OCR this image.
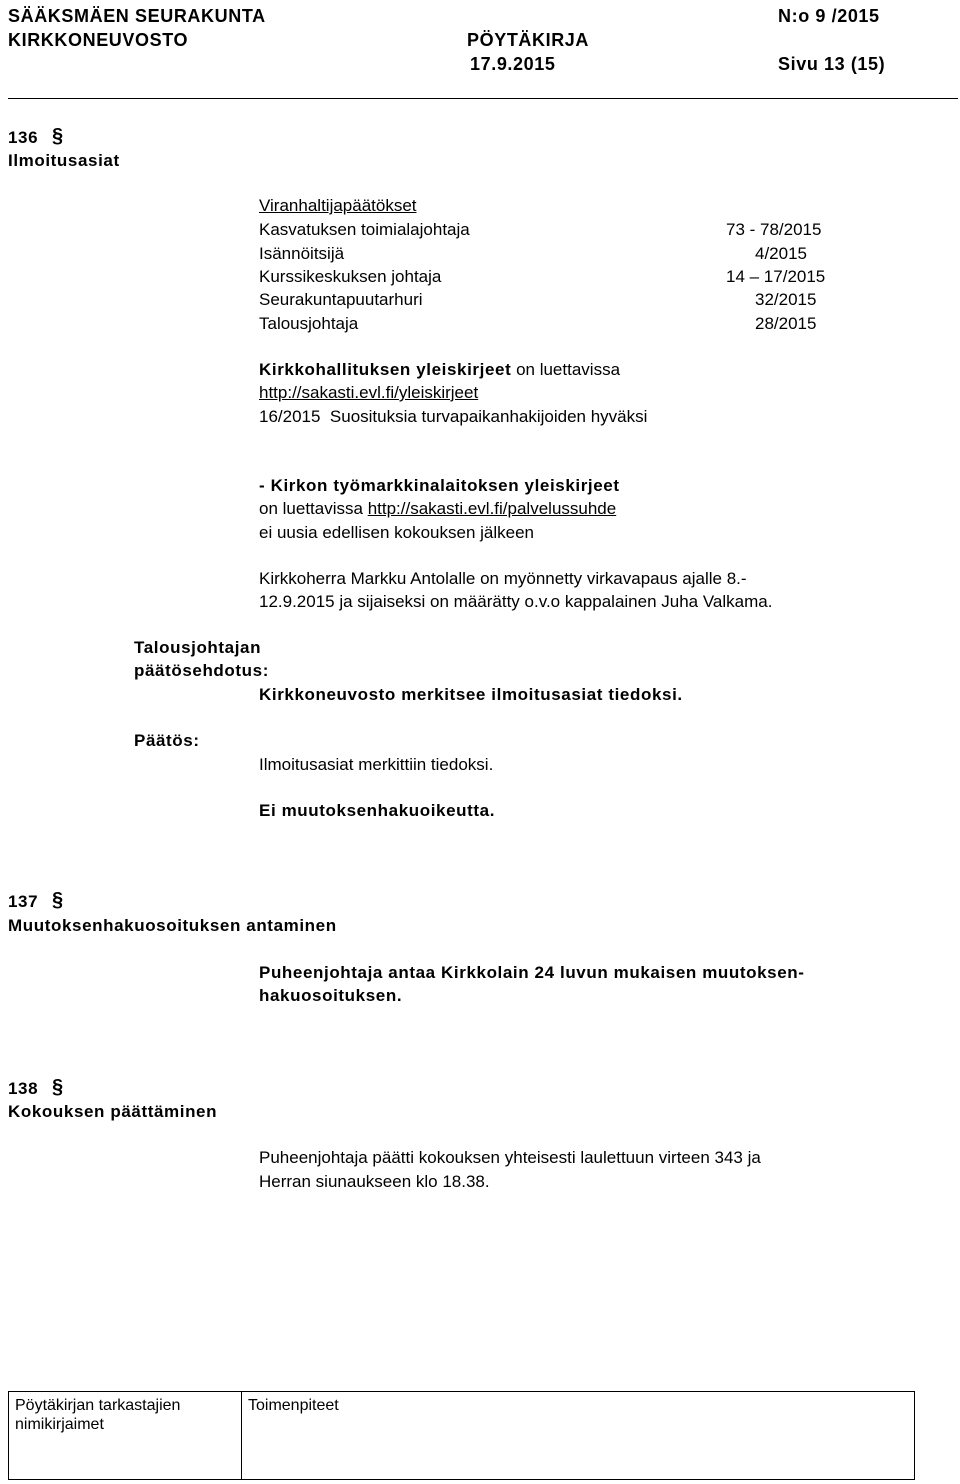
SÄÄKSMÄEN SEURAKUNTA
KIRKKONEUVOSTO	PÖYTÄKIRJA
17.9.2015
N:o 9 /2015
Sivu 13 (15)
136 §
Ilmoitusasiat
Viranhaltijapäätökset
Kasvatuksen toimialajohtaja	73 - 78/2015
Isännöitsijä	4/2015
Kurssikeskuksen johtaja	14 – 17/2015
Seurakuntapuutarhuri	32/2015
Talousjohtaja	28/2015
Kirkkohallituksen yleiskirjeet on luettavissa
http://sakasti.evl.fi/yleiskirjeet
16/2015  Suosituksia turvapaikanhakijoiden hyväksi
- Kirkon työmarkkinalaitoksen yleiskirjeet
on luettavissa http://sakasti.evl.fi/palvelussuhde
ei uusia edellisen kokouksen jälkeen
Kirkkoherra Markku Antolalle on myönnetty virkavapaus ajalle 8.-
12.9.2015 ja sijaiseksi on määrätty o.v.o kappalainen Juha Valkama.
Talousjohtajan
päätösehdotus:
Kirkkoneuvosto merkitsee ilmoitusasiat tiedoksi.
Päätös:
Ilmoitusasiat merkittiin tiedoksi.
Ei muutoksenhakuoikeutta.
137 §
Muutoksenhakuosoituksen antaminen
Puheenjohtaja antaa Kirkkolain 24 luvun mukaisen muutoksen-
hakuosoituksen.
138 §
Kokouksen päättäminen
Puheenjohtaja päätti kokouksen yhteisesti laulettuun virteen 343 ja
Herran siunaukseen klo 18.38.
Pöytäkirjan tarkastajien
nimikirjaimet

Toimenpiteet
